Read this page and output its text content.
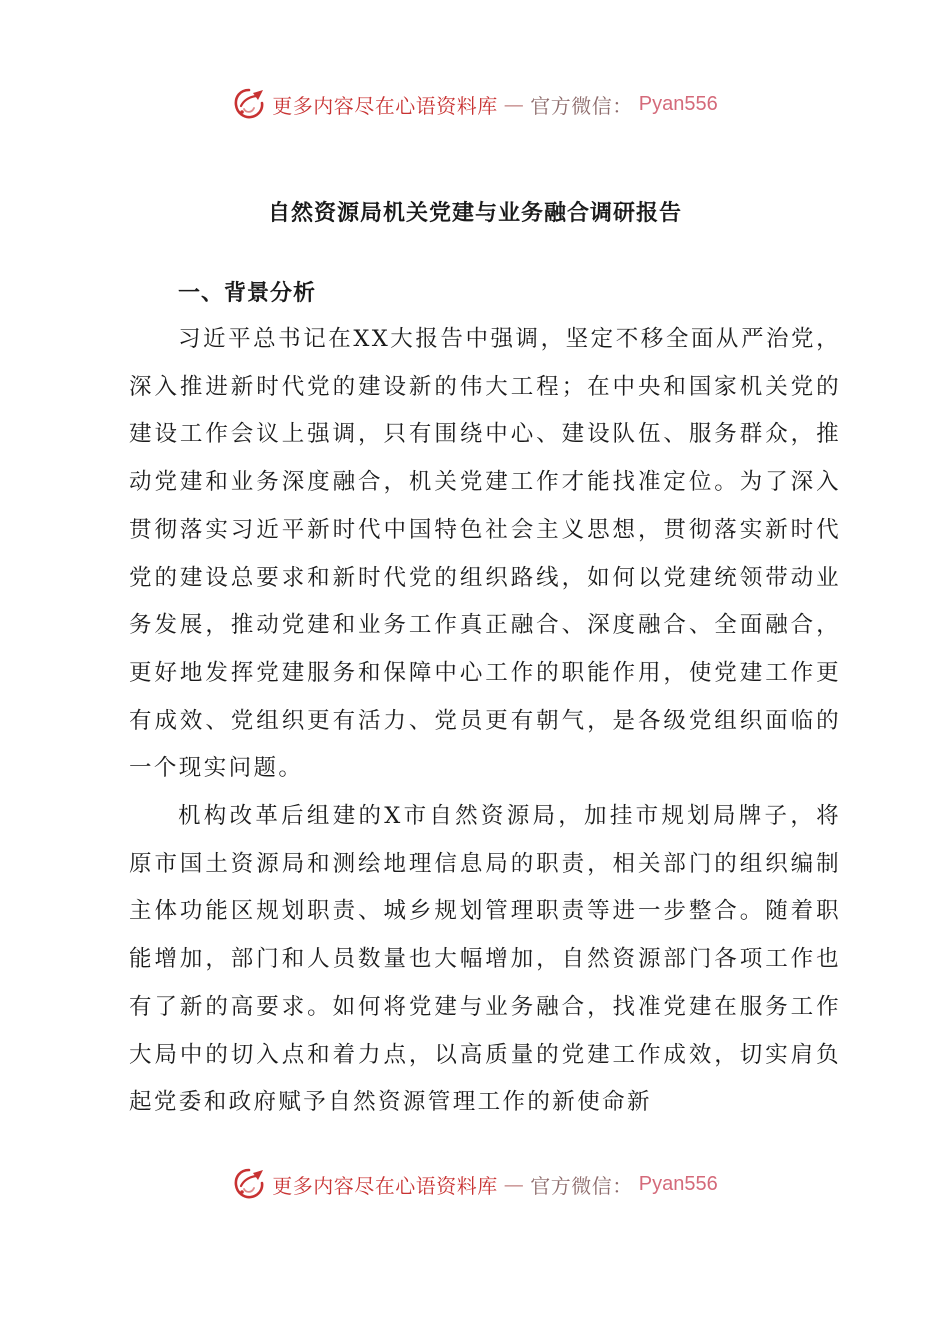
更多内容尽在心语资料库 — 官方微信： Pyan556
自然资源局机关党建与业务融合调研报告
一、背景分析

习近平总书记在XX大报告中强调，坚定不移全面从严治党，深入推进新时代党的建设新的伟大工程；在中央和国家机关党的建设工作会议上强调，只有围绕中心、建设队伍、服务群众，推动党建和业务深度融合，机关党建工作才能找准定位。为了深入贯彻落实习近平新时代中国特色社会主义思想，贯彻落实新时代党的建设总要求和新时代党的组织路线，如何以党建统领带动业务发展，推动党建和业务工作真正融合、深度融合、全面融合，更好地发挥党建服务和保障中心工作的职能作用，使党建工作更有成效、党组织更有活力、党员更有朝气，是各级党组织面临的一个现实问题。

机构改革后组建的X市自然资源局，加挂市规划局牌子，将原市国土资源局和测绘地理信息局的职责，相关部门的组织编制主体功能区规划职责、城乡规划管理职责等进一步整合。随着职能增加，部门和人员数量也大幅增加，自然资源部门各项工作也有了新的高要求。如何将党建与业务融合，找准党建在服务工作大局中的切入点和着力点，以高质量的党建工作成效，切实肩负起党委和政府赋予自然资源管理工作的新使命新

更多内容尽在心语资料库 — 官方微信： Pyan556
